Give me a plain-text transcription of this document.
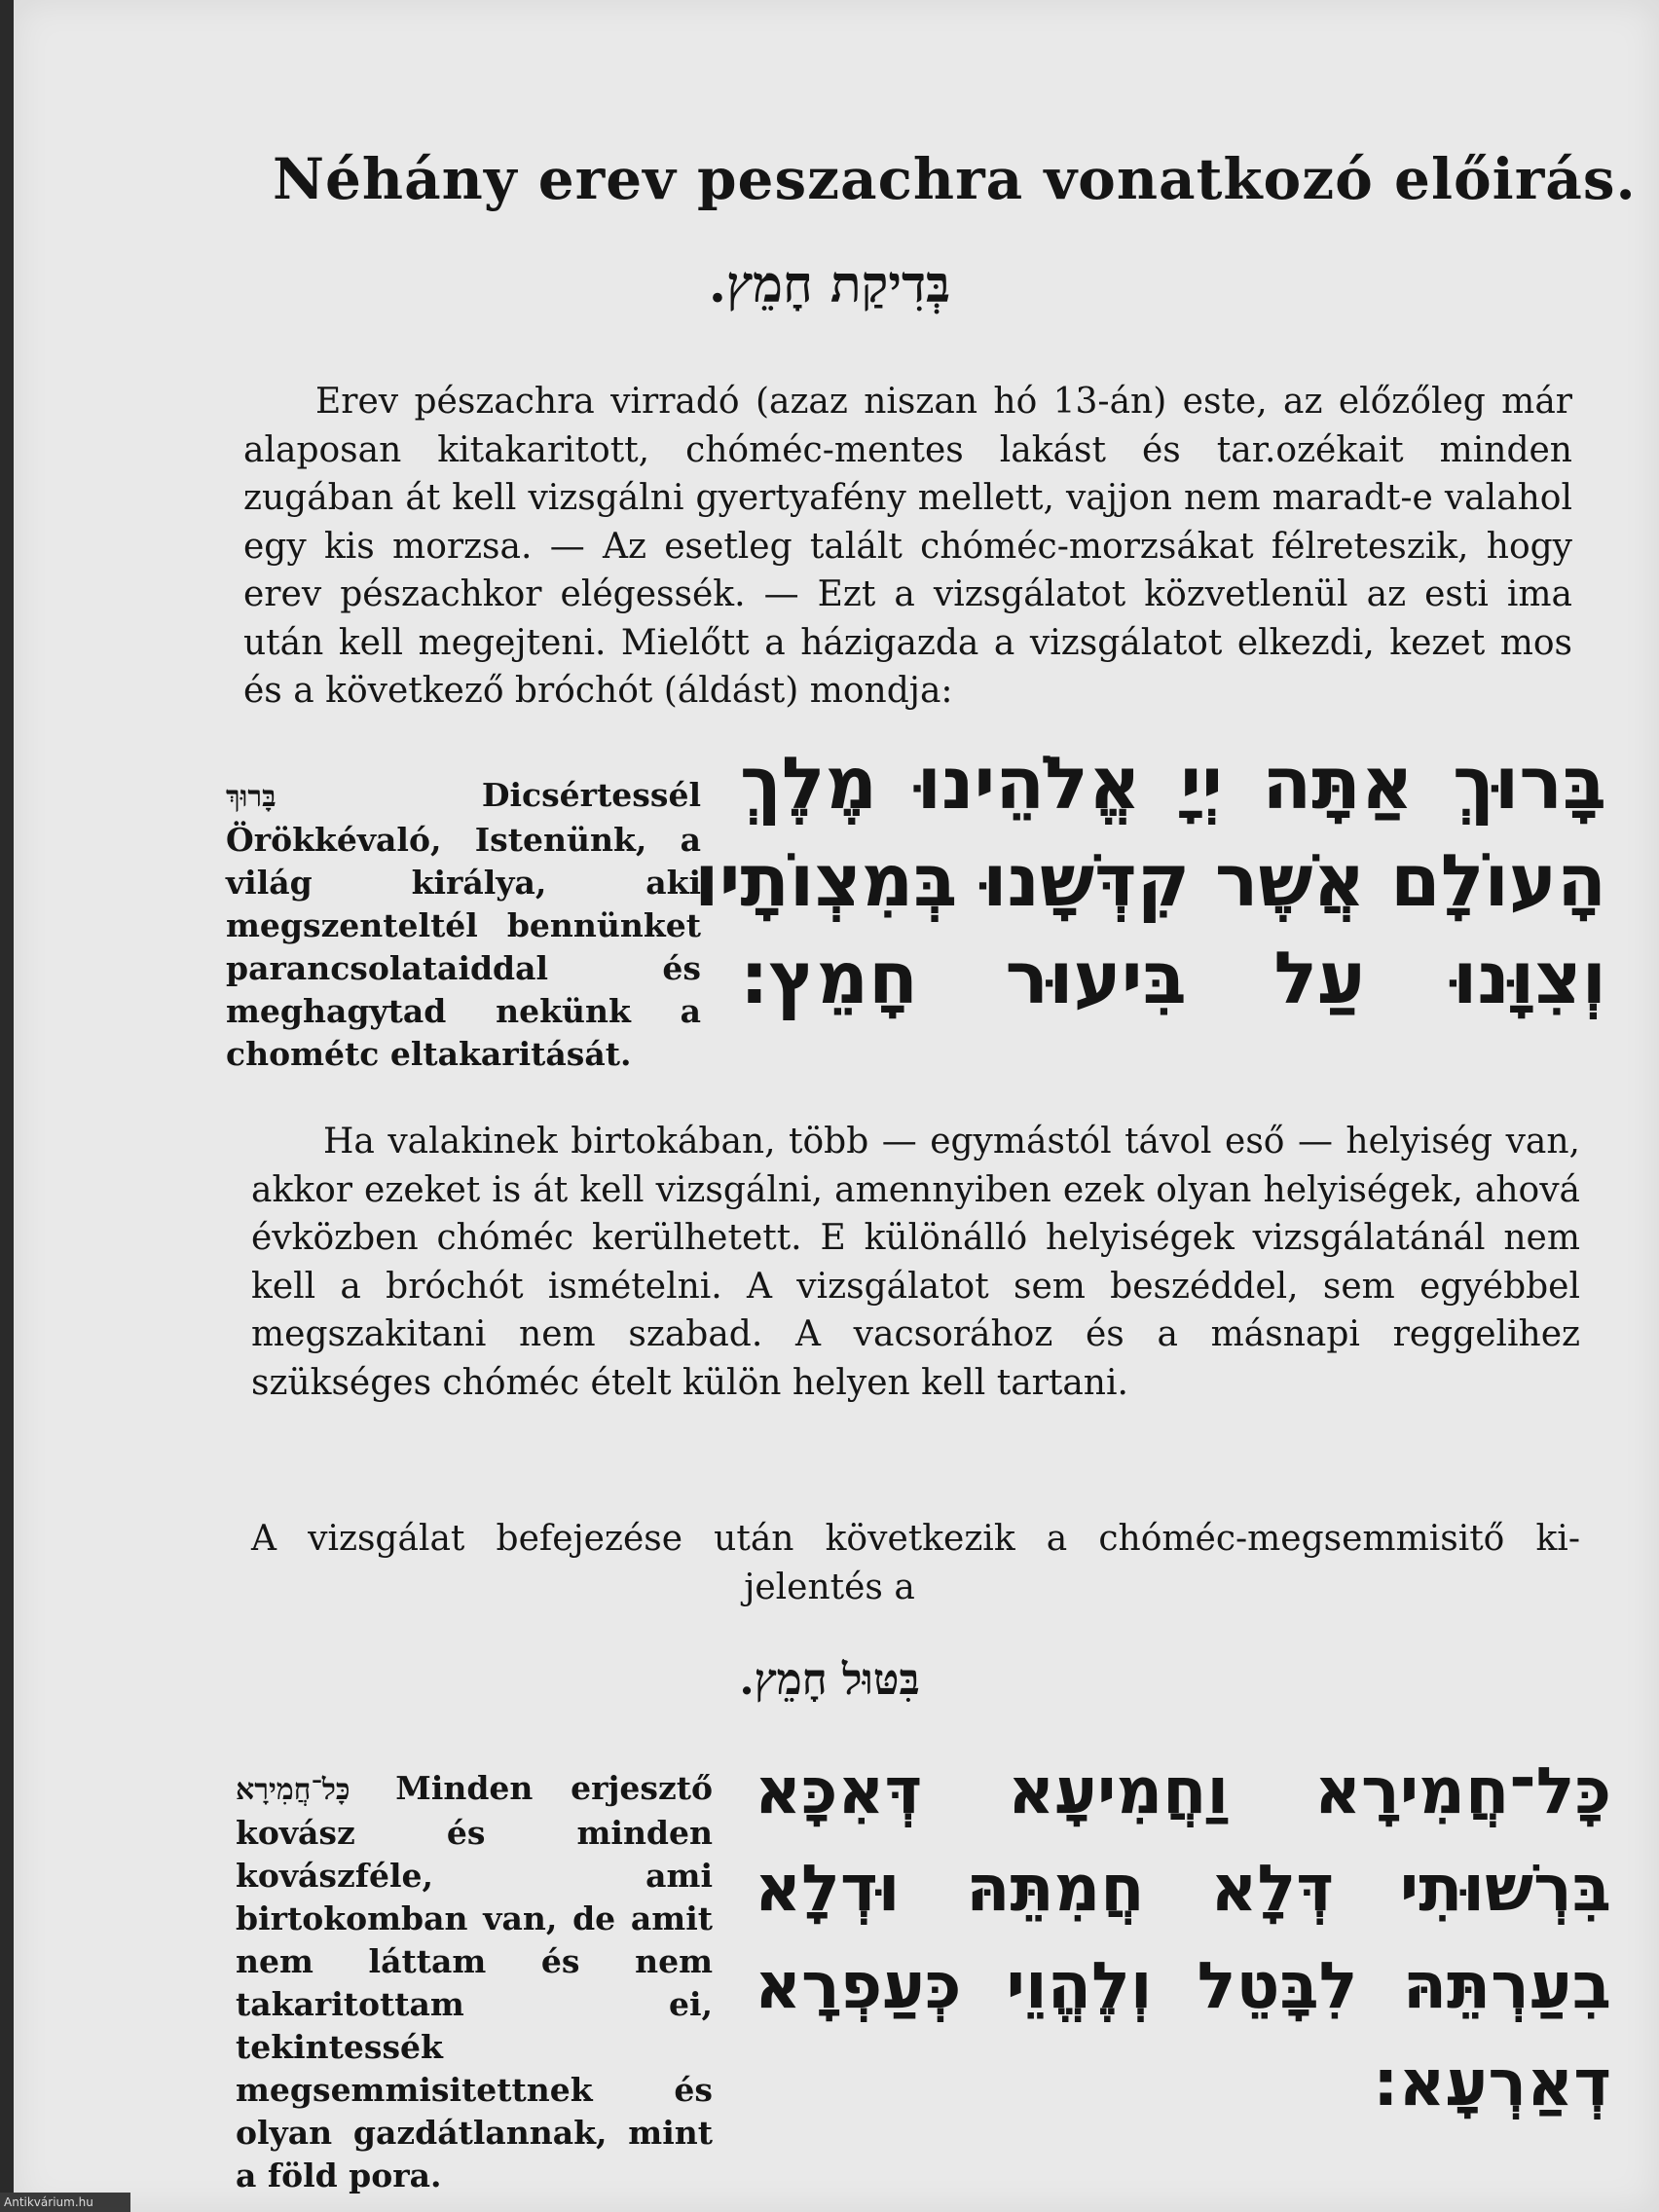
Néhány erev peszachra vonatkozó előirás.
בְּדִיקַת חָמֵץ.

Erev pészachra virradó (azaz niszan hó 13-án) este, az előzőleg már alaposan kitakaritott, chóméc-mentes lakást és tar.ozékait minden zugában át kell vizsgálni gyertyafény mellett, vajjon nem maradt-e valahol egy kis morzsa. — Az esetleg talált chóméc-morzsákat félreteszik, hogy erev pészachkor elégessék. — Ezt a vizsgálatot közvetlenül az esti ima után kell megejteni. Mielőtt a házigazda a vizsgálatot elkezdi, kezet mos és a következő bróchót (áldást) mondja:

בָּרוּךְ	Dicsértessél Örökkévaló, Istenünk, a világ királya, aki megszenteltél bennünket parancsolataiddal és meghagytad nekünk a chométc eltakaritását.
בָּרוּךְ אַתָּה יְיָ אֱלֹהֵינוּ מֶלֶךְ
הָעוֹלָם אֲשֶׁר קִדְּשָׁנוּ בְּמִצְוֹתָיו
וְצִוָּנוּ עַל בִּיעוּר חָמֵץ:

Ha valakinek birtokában, több — egymástól távol eső — helyiség van, akkor ezeket is át kell vizsgálni, amennyiben ezek olyan helyiségek, ahová évközben chóméc kerülhetett. E különálló helyiségek vizsgálatánál nem kell a bróchót ismételni. A vizsgálatot sem beszéddel, sem egyébbel megszakitani nem szabad. A vacsorához és a másnapi reggelihez szükséges chóméc ételt külön helyen kell tartani.

A vizsgálat befejezése után következik a chóméc-megsemmisitő ki-
jelentés a
בִּטּוּל חָמֵץ.
כָּל־חֲמִירָא Minden erjesztő kovász és minden kovászféle, ami birtokomban van, de amit nem láttam és nem takaritottam ei, tekintessék megsemmisitettnek és olyan gazdátlannak, mint a föld pora.
כָּל־חֲמִירָא וַחֲמִיעָא דְּאִכָּא
בִּרְשׁוּתִי דְּלָא חֲמִתֵּהּ וּדְלָא
בִעַרְתֵּהּ לִבָּטֵל וְלֶהֱוֵי כְּעַפְרָא
דְאַרְעָא:
Antikvárium.hu
